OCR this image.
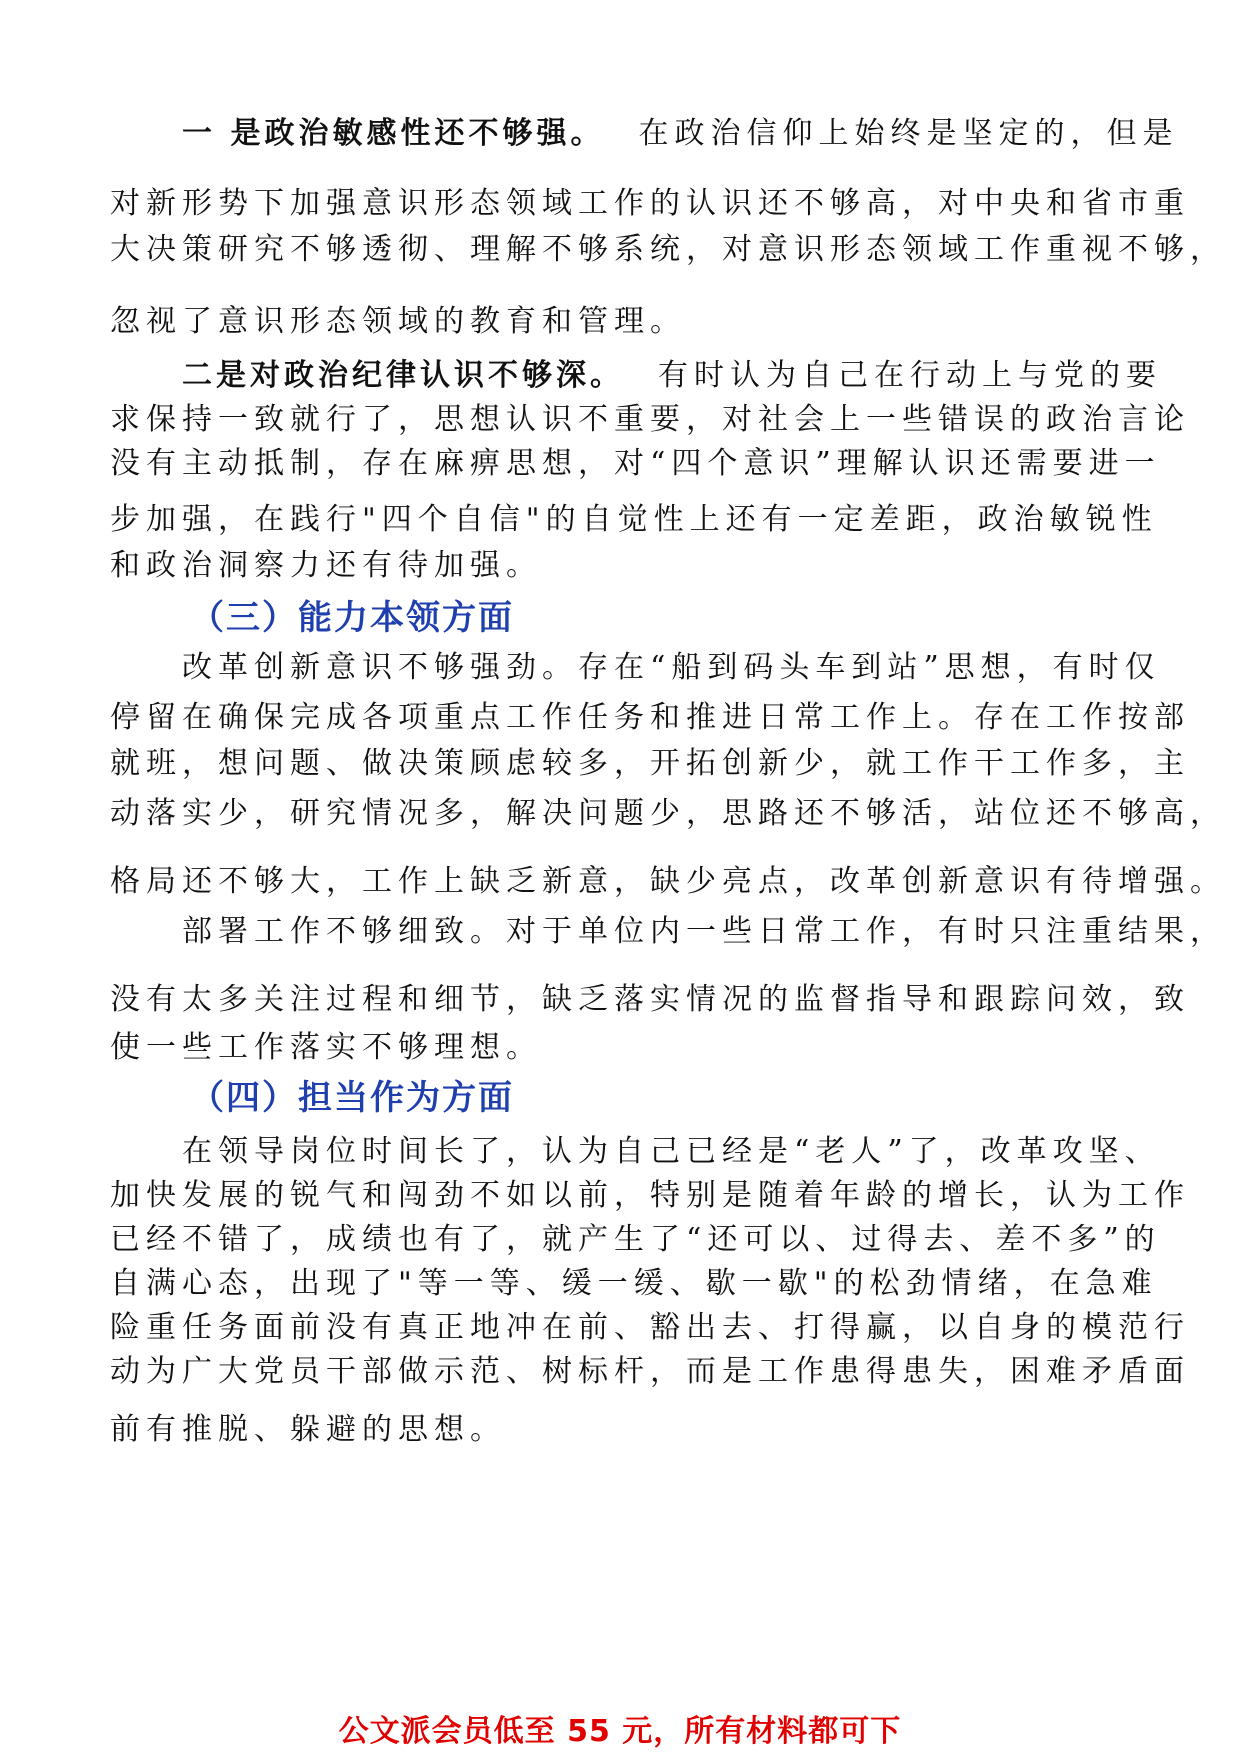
一 是政治敏感性还不够强。 在政治信仰上始终是坚定的，但是
对新形势下加强意识形态领域工作的认识还不够高，对中央和省市重
大决策研究不够透彻、理解不够系统，对意识形态领域工作重视不够，
忽视了意识形态领域的教育和管理。
二是对政治纪律认识不够深。 有时认为自己在行动上与党的要
求保持一致就行了，思想认识不重要，对社会上一些错误的政治言论
没有主动抵制，存在麻痹思想，对“四个意识”理解认识还需要进一
步加强，在践行"四个自信"的自觉性上还有一定差距，政治敏锐性
和政治洞察力还有待加强。
（三）能力本领方面
改革创新意识不够强劲。存在“船到码头车到站”思想，有时仅
停留在确保完成各项重点工作任务和推进日常工作上。存在工作按部
就班，想问题、做决策顾虑较多，开拓创新少，就工作干工作多，主
动落实少，研究情况多，解决问题少，思路还不够活，站位还不够高，
格局还不够大，工作上缺乏新意，缺少亮点，改革创新意识有待增强。
部署工作不够细致。对于单位内一些日常工作，有时只注重结果，
没有太多关注过程和细节，缺乏落实情况的监督指导和跟踪问效，致
使一些工作落实不够理想。
（四）担当作为方面
在领导岗位时间长了，认为自己已经是“老人”了，改革攻坚、
加快发展的锐气和闯劲不如以前，特别是随着年龄的增长，认为工作
已经不错了，成绩也有了，就产生了“还可以、过得去、差不多”的
自满心态，出现了"等一等、缓一缓、歇一歇"的松劲情绪，在急难
险重任务面前没有真正地冲在前、豁出去、打得赢，以自身的模范行
动为广大党员干部做示范、树标杆，而是工作患得患失，困难矛盾面
前有推脱、躲避的思想。
公文派会员低至 55 元，所有材料都可下
